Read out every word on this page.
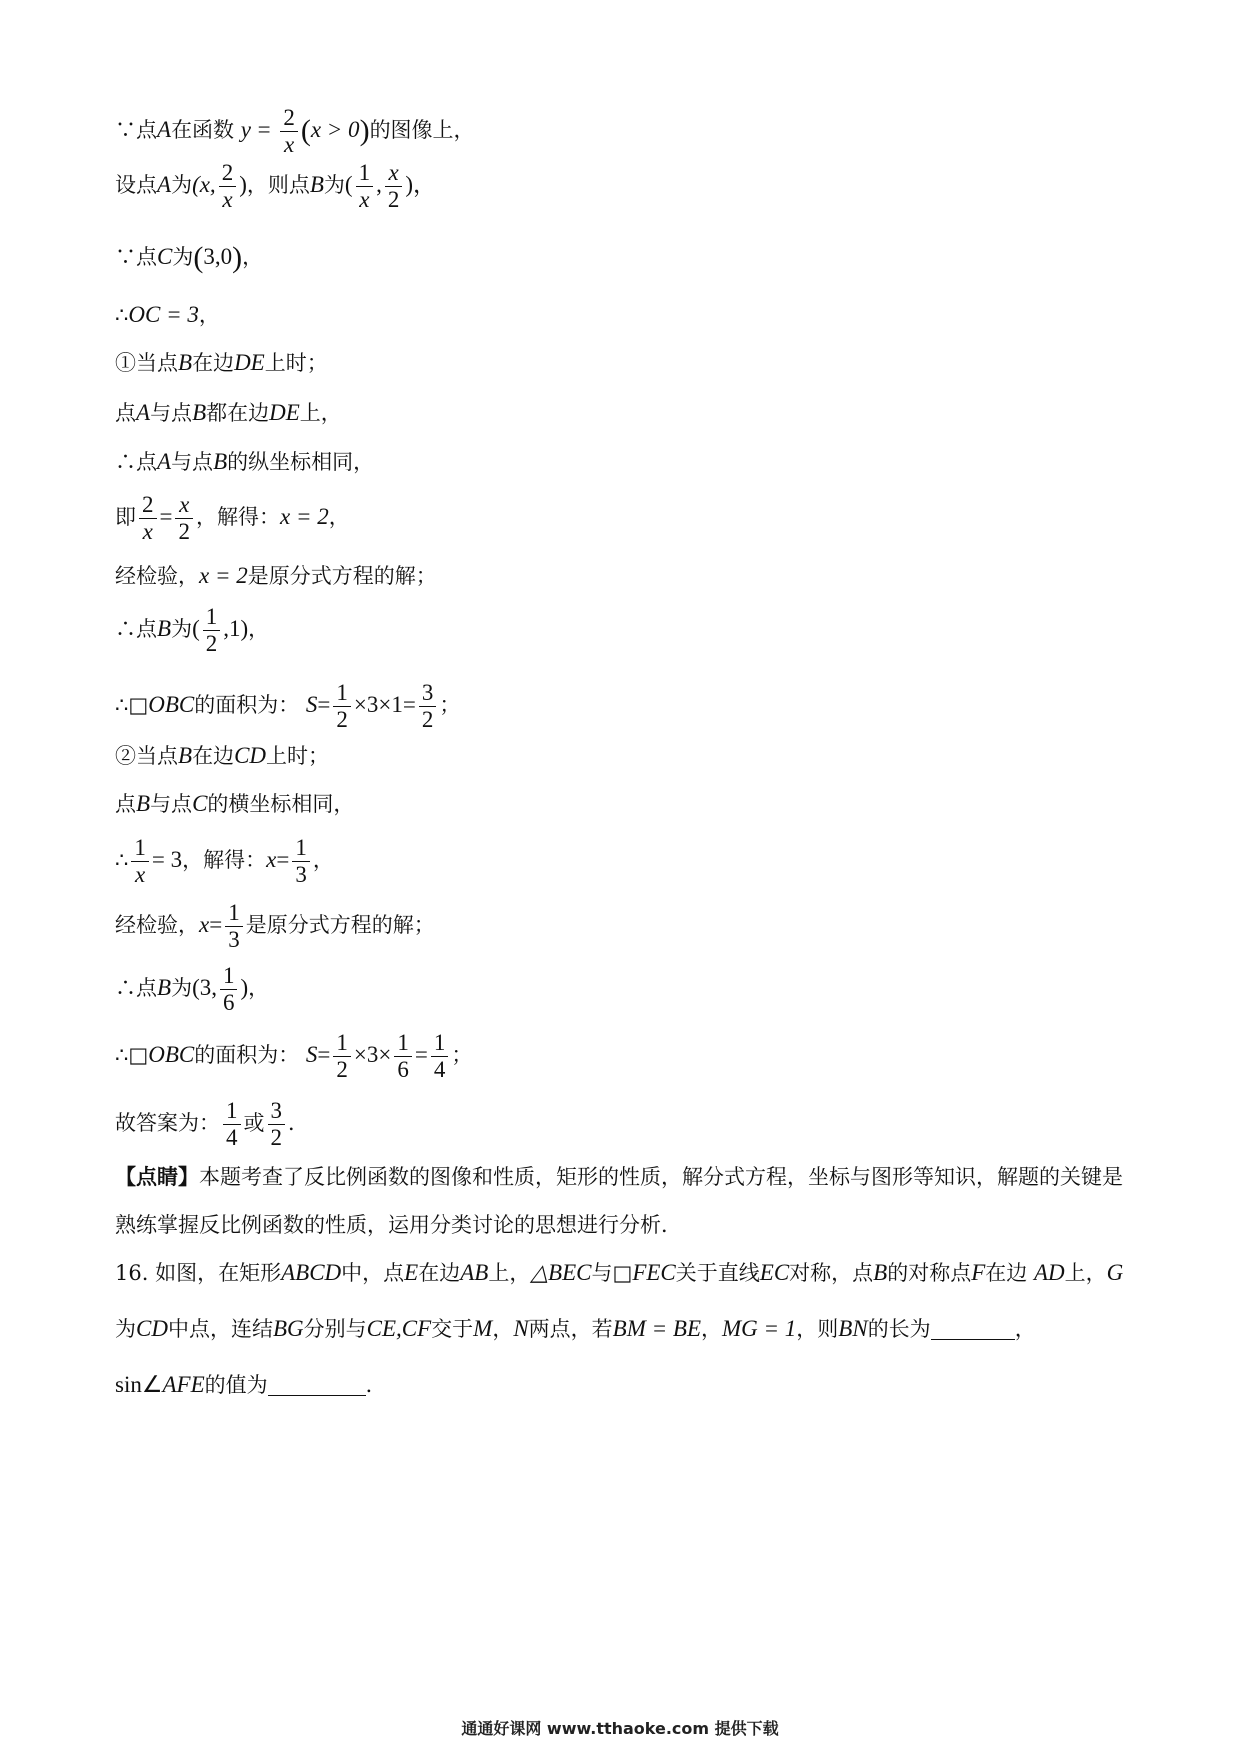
∵点A在函数 $y = \frac{2}{x} (x > 0)$的图像上，
设点A为(x, $\frac{2}{x}$ )，则点B为( $\frac{1}{x}$ , $\frac{x}{2}$ )，
∵点C为(3,0)，
∴OC = 3，
①当点B在边DE上时；
点A与点B都在边DE上，
∴点A与点B的纵坐标相同，
即 $\frac{2}{x} = \frac{x}{2}$ ，解得：x = 2，
经检验，x = 2是原分式方程的解；
∴点B为( $\frac{1}{2} ,1$)，
∴□OBC的面积为： $S= \frac{1}{2} \times 3\times 1= \frac{3}{2}$ ；
②当点B在边CD上时；
点B与点C的横坐标相同，
∴ $\frac{1}{x} = 3$，解得：$x= \frac{1}{3}$ ，
经检验，$x= \frac{1}{3}$ 是原分式方程的解；
∴点B为(3, $\frac{1}{6}$ )，
∴□OBC的面积为： $S= \frac{1}{2} \times 3\times \frac{1}{6} = \frac{1}{4}$ ；
故答案为： $\frac{1}{4}$ 或 $\frac{3}{2}$ ．
【点睛】本题考查了反比例函数的图像和性质，矩形的性质，解分式方程，坐标与图形等知识，解题的关键是熟练掌握反比例函数的性质，运用分类讨论的思想进行分析．
16. 如图，在矩形ABCD中，点E在边AB上，△BEC与□FEC关于直线EC对称，点B的对称点F在边 AD上，G为CD中点，连结BG分别与CE,CF交于M，N两点，若BM = BE，MG = 1，则BN的长为	，sin∠AFE的值为	．
通通好课网 www.tthaoke.com 提供下载
